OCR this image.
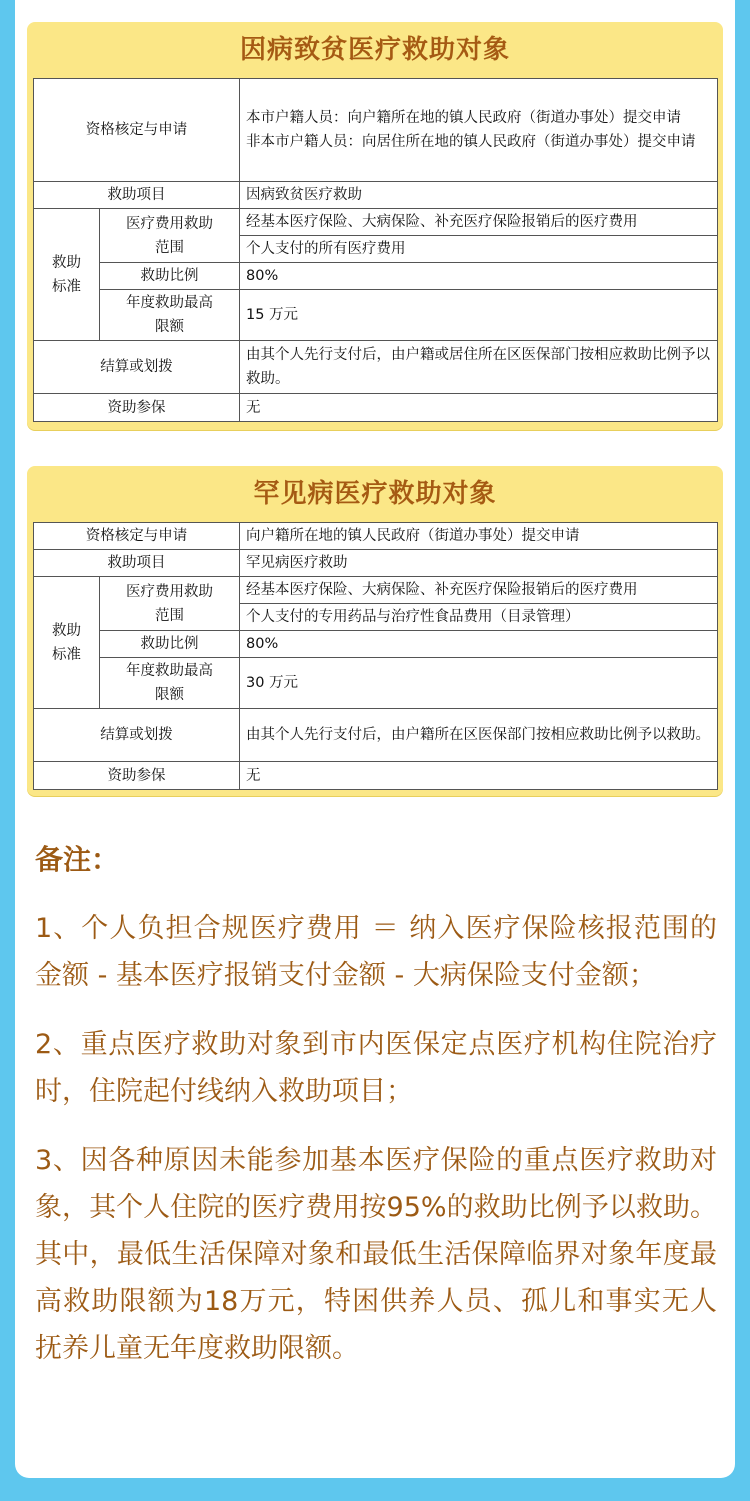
因病致贫医疗救助对象
资格核定与申请		本市户籍人员：向户籍所在地的镇人民政府（街道办事处）提交申请
非本市户籍人员：向居住所在地的镇人民政府（街道办事处）提交申请

救助项目		因病致贫医疗救助
救助标准	医疗费用救助范围	经基本医疗保险、大病保险、补充医疗保险报销后的医疗费用
		个人支付的所有医疗费用
	救助比例	80%
	年度救助最高限额	15 万元
结算或划拨		由其个人先行支付后，由户籍或居住所在区医保部门按相应救助比例予以救助。
资助参保		无
罕见病医疗救助对象
资格核定与申请		向户籍所在地的镇人民政府（街道办事处）提交申请
救助项目		罕见病医疗救助
救助标准	医疗费用救助范围	经基本医疗保险、大病保险、补充医疗保险报销后的医疗费用
		个人支付的专用药品与治疗性食品费用（目录管理）
	救助比例	80%
	年度救助最高限额	30 万元
结算或划拨		由其个人先行支付后，由户籍所在区医保部门按相应救助比例予以救助。
资助参保		无
备注：

1、个人负担合规医疗费用 ＝ 纳入医疗保险核报范围的金额 - 基本医疗报销支付金额 - 大病保险支付金额；

2、重点医疗救助对象到市内医保定点医疗机构住院治疗时，住院起付线纳入救助项目；

3、因各种原因未能参加基本医疗保险的重点医疗救助对象，其个人住院的医疗费用按95%的救助比例予以救助。其中，最低生活保障对象和最低生活保障临界对象年度最高救助限额为18万元，特困供养人员、孤儿和事实无人抚养儿童无年度救助限额。
